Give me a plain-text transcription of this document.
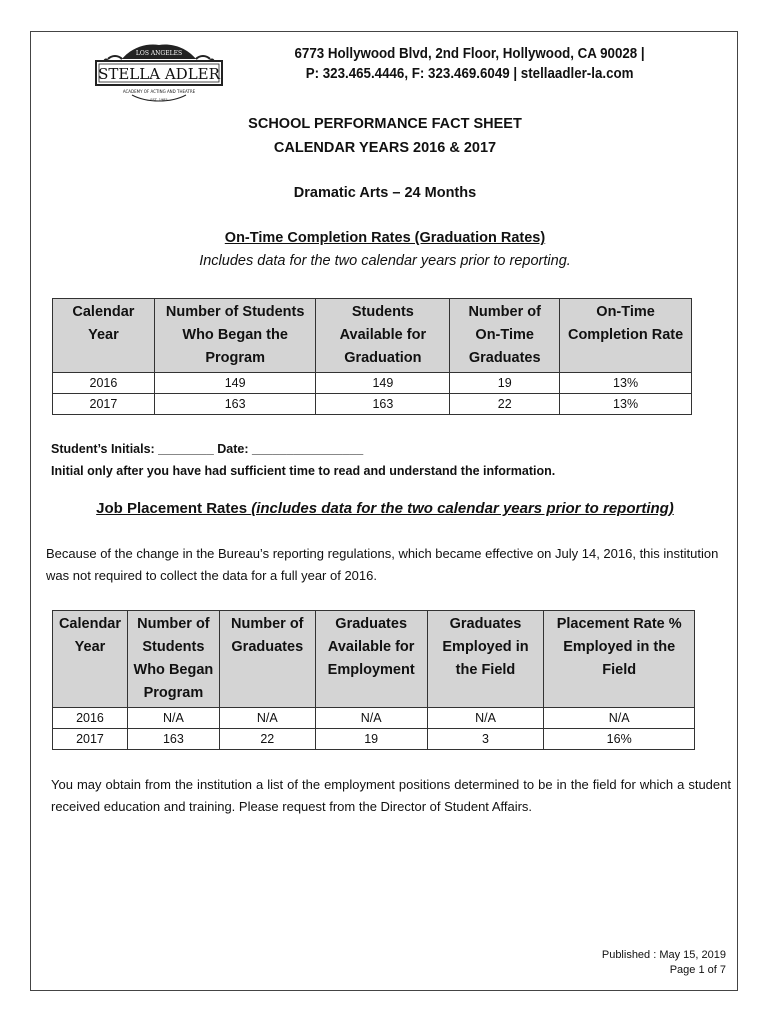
LOS ANGELES
STELLA ADLER
ACADEMY OF ACTING AND THEATRE
EST. 1985
6773 Hollywood Blvd, 2nd Floor, Hollywood, CA 90028 |
P: 323.465.4446, F: 323.469.6049 | stellaadler-la.com
SCHOOL PERFORMANCE FACT SHEET
CALENDAR YEARS 2016 & 2017
Dramatic Arts – 24 Months
On-Time Completion Rates (Graduation Rates)
Includes data for the two calendar years prior to reporting.
Calendar Year	Number of Students Who Began the Program	Students Available for Graduation	Number of On-Time Graduates	On-Time Completion Rate
2016	149	149	19	13%
2017	163	163	22	13%
Student’s Initials: ________ Date: ________________
Initial only after you have had sufficient time to read and understand the information.
Job Placement Rates (includes data for the two calendar years prior to reporting)
Because of the change in the Bureau’s reporting regulations, which became effective on July 14, 2016, this institution was not required to collect the data for a full year of 2016.
Calendar Year	Number of Students Who Began Program	Number of Graduates	Graduates Available for Employment	Graduates Employed in the Field	Placement Rate % Employed in the Field
2016	N/A	N/A	N/A	N/A	N/A
2017	163	22	19	3	16%
You may obtain from the institution a list of the employment positions determined to be in the field for which a student received education and training. Please request from the Director of Student Affairs.
Published : May 15, 2019
Page 1 of 7
